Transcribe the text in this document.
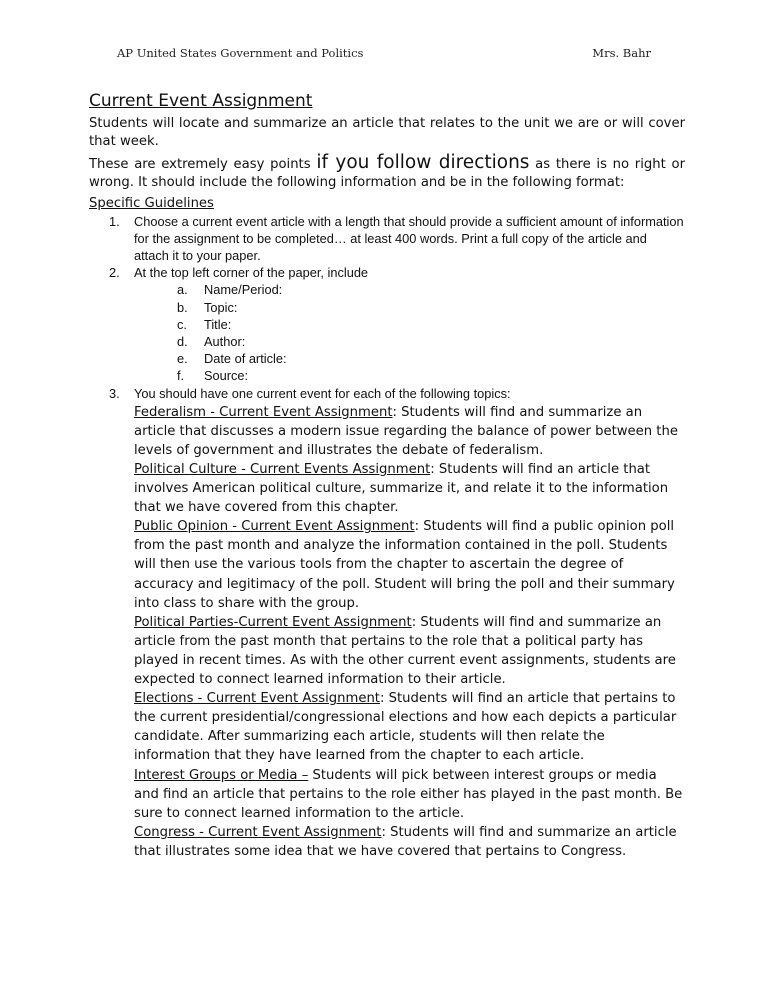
AP United States Government and Politics	Mrs. Bahr
Current Event Assignment

Students will locate and summarize an article that relates to the unit we are or will cover that week.

These are extremely easy points if you follow directions as there is no right or wrong. It should include the following information and be in the following format:

Specific Guidelines
1. Choose a current event article with a length that should provide a sufficient amount of information for the assignment to be completed… at least 400 words. Print a full copy of the article and attach it to your paper.
2. At the top left corner of the paper, include
a. Name/Period:
b. Topic:
c. Title:
d. Author:
e. Date of article:
f. Source:
3. You should have one current event for each of the following topics:
Federalism - Current Event Assignment: Students will find and summarize an article that discusses a modern issue regarding the balance of power between the levels of government and illustrates the debate of federalism.
Political Culture - Current Events Assignment: Students will find an article that involves American political culture, summarize it, and relate it to the information that we have covered from this chapter.
Public Opinion - Current Event Assignment: Students will find a public opinion poll from the past month and analyze the information contained in the poll. Students will then use the various tools from the chapter to ascertain the degree of accuracy and legitimacy of the poll. Student will bring the poll and their summary into class to share with the group.
Political Parties-Current Event Assignment: Students will find and summarize an article from the past month that pertains to the role that a political party has played in recent times. As with the other current event assignments, students are expected to connect learned information to their article.
Elections - Current Event Assignment: Students will find an article that pertains to the current presidential/congressional elections and how each depicts a particular candidate. After summarizing each article, students will then relate the information that they have learned from the chapter to each article.
Interest Groups or Media – Students will pick between interest groups or media and find an article that pertains to the role either has played in the past month. Be sure to connect learned information to the article.
Congress - Current Event Assignment: Students will find and summarize an article that illustrates some idea that we have covered that pertains to Congress.
